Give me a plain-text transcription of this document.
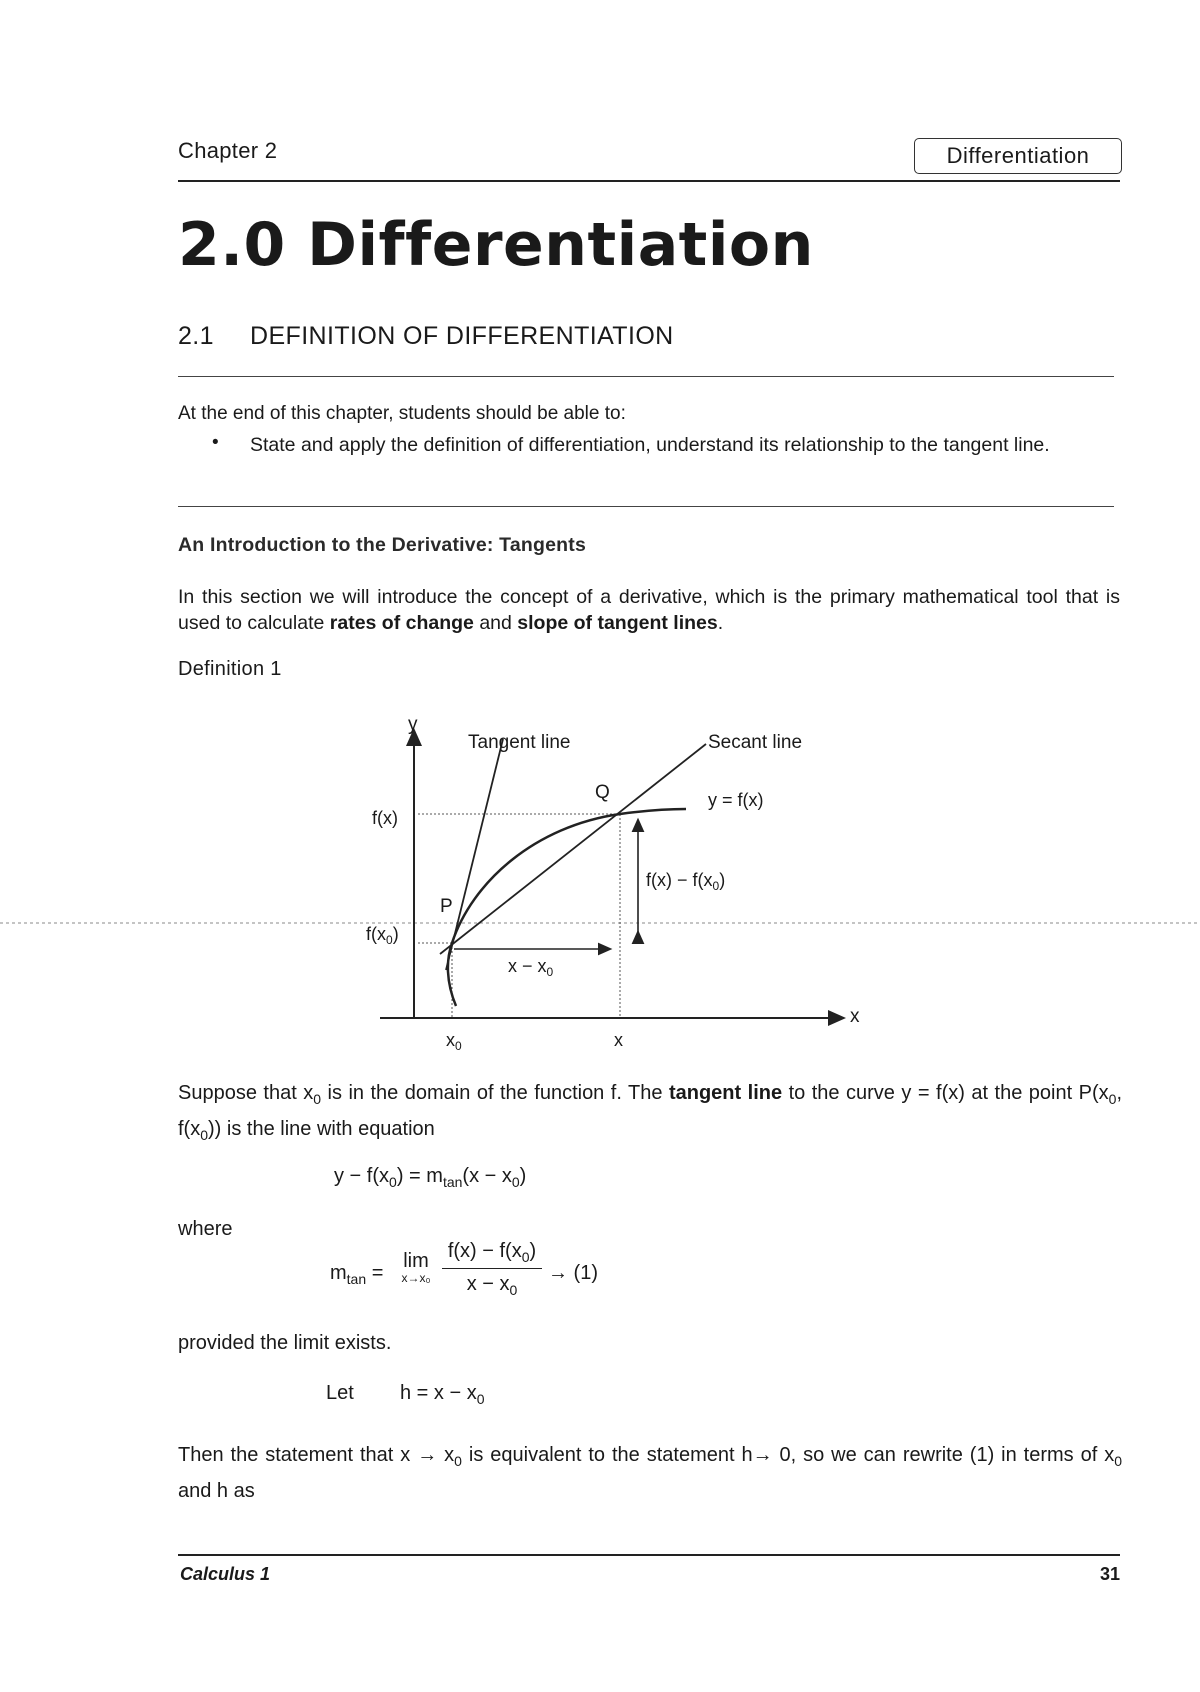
Chapter 2	Differentiation
2.0 Differentiation
2.1 DEFINITION OF DIFFERENTIATION
At the end of this chapter, students should be able to:
• State and apply the definition of differentiation, understand its relationship to the tangent line.
An Introduction to the Derivative: Tangents
In this section we will introduce the concept of a derivative, which is the primary mathematical tool that is used to calculate rates of change and slope of tangent lines.
Definition 1
y
x
Tangent line	Secant line
y = f(x)
Q
P
f(x)
$f(x_0)$
$f(x) - f(x_0)$
$x - x_0$
$x_0$	x
Suppose that $x_0$ is in the domain of the function f. The tangent line to the curve y = f(x) at the point $P(x_0$, $f(x_0)$) is the line with equation
$y - f(x_0) = m_{tan}(x - x_0)$
where
$m_{tan}$ =
lim
$x\to x_0 \frac{f(x) - f(x_0)}{x - x_0} \to (1)$
provided the limit exists.
Let $h = x - x_0$
Then the statement that $x \to x_0$ is equivalent to the statement h→ 0, so we can rewrite (1) in terms of $x_0$ and h as
Calculus 1	31
